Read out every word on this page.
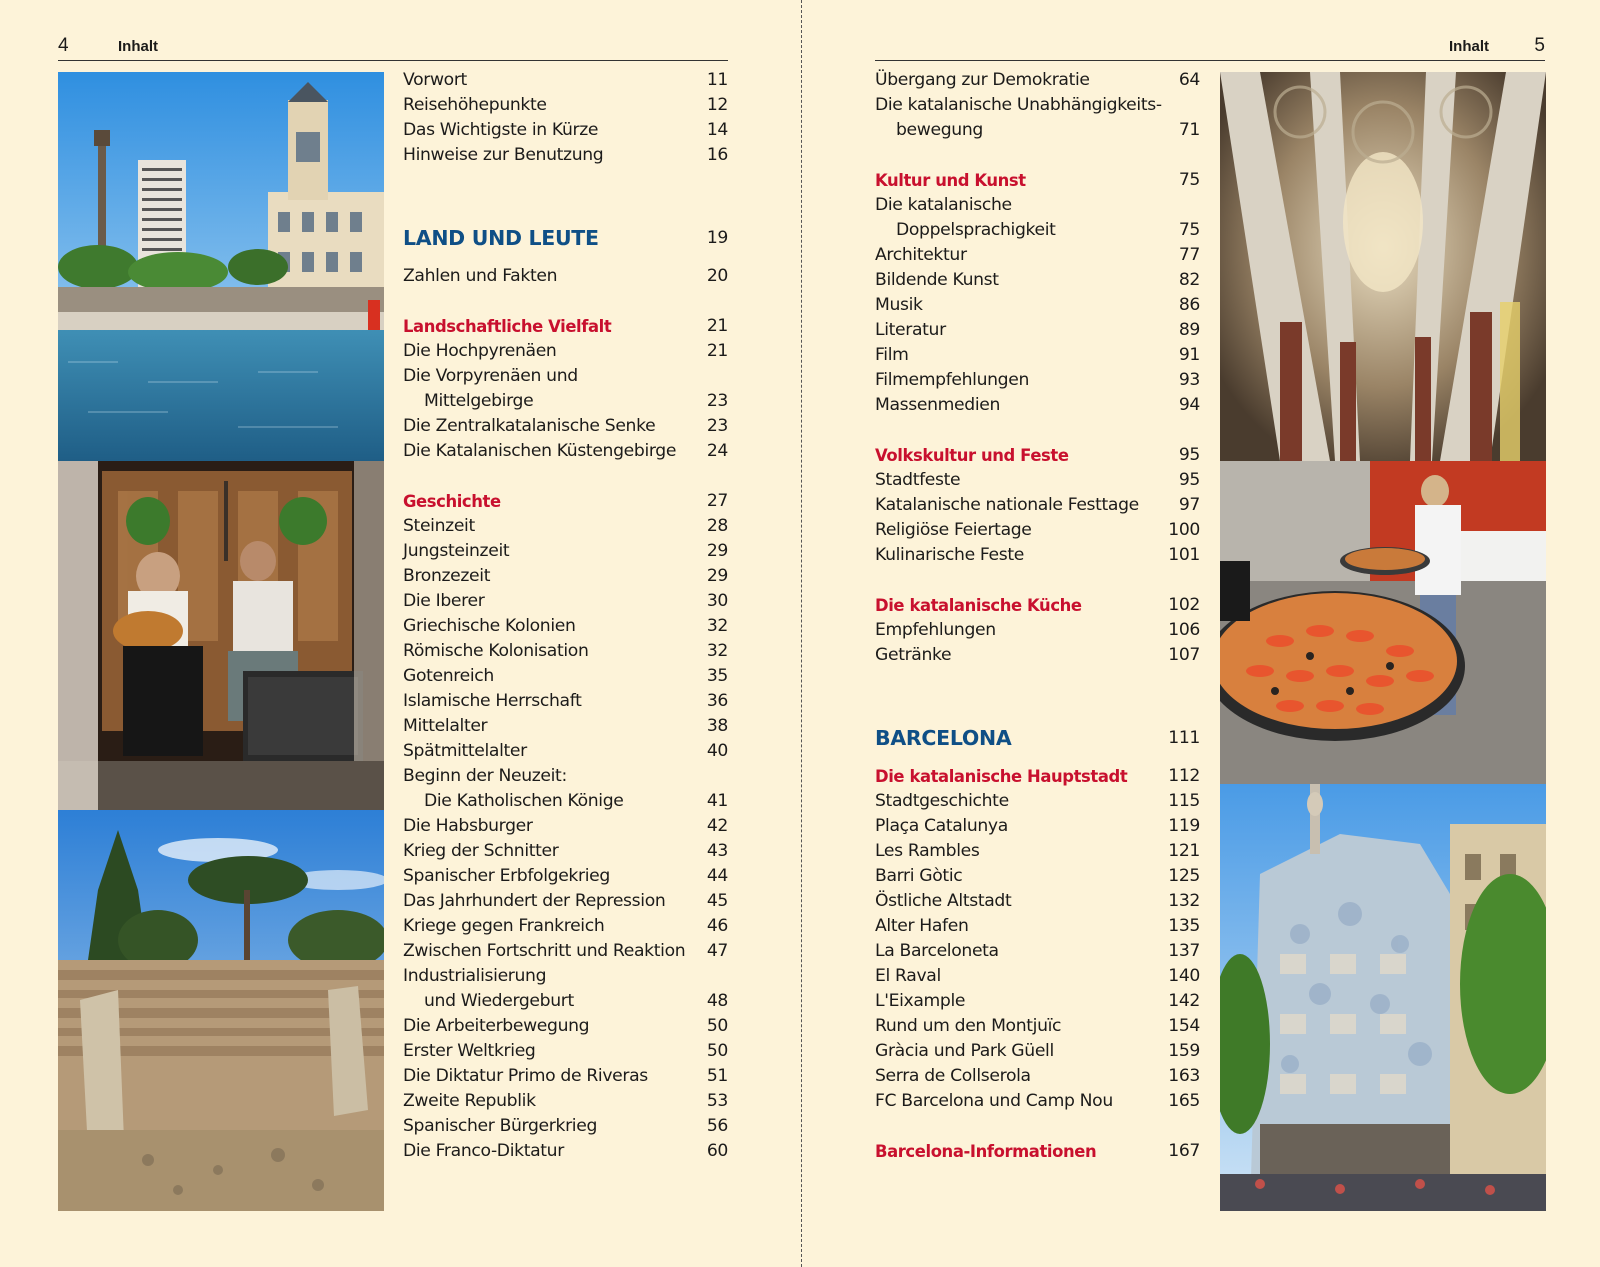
4	Inhalt
Vorwort	11
Reisehöhepunkte	12
Das Wichtigste in Kürze	14
Hinweise zur Benutzung	16
LAND UND LEUTE	19
Zahlen und Fakten	20
Landschaftliche Vielfalt	21
Die Hochpyrenäen	21
Die Vorpyrenäen und
Mittelgebirge	23
Die Zentralkatalanische Senke	23
Die Katalanischen Küstengebirge 24
Geschichte	27
Steinzeit	28
Jungsteinzeit	29
Bronzezeit	29
Die Iberer	30
Griechische Kolonien	32
Römische Kolonisation	32
Gotenreich	35
Islamische Herrschaft	36
Mittelalter	38
Spätmittelalter	40
Beginn der Neuzeit:
Die Katholischen Könige	41
Die Habsburger	42
Krieg der Schnitter	43
Spanischer Erbfolgekrieg	44
Das Jahrhundert der Repression 45
Kriege gegen Frankreich	46
Zwischen Fortschritt und Reaktion 47
Industrialisierung
und Wiedergeburt	48
Die Arbeiterbewegung	50
Erster Weltkrieg	50
Die Diktatur Primo de Riveras	51
Zweite Republik	53
Spanischer Bürgerkrieg	56
Die Franco-Diktatur	60
Inhalt 5
Übergang zur Demokratie	64
Die katalanische Unabhängigkeits-
bewegung	71
Kultur und Kunst	75
Die katalanische
Doppelsprachigkeit	75
Architektur	77
Bildende Kunst	82
Musik	86
Literatur	89
Film	91
Filmempfehlungen	93
Massenmedien	94
Volkskultur und Feste	95
Stadtfeste	95
Katalanische nationale Festtage 97
Religiöse Feiertage	100
Kulinarische Feste	101
Die katalanische Küche	102
Empfehlungen	106
Getränke	107
BARCELONA	111
Die katalanische Hauptstadt 112
Stadtgeschichte	115
Plaça Catalunya	119
Les Rambles	121
Barri Gòtic	125
Östliche Altstadt	132
Alter Hafen	135
La Barceloneta	137
El Raval	140
L'Eixample	142
Rund um den Montjuïc	154
Gràcia und Park Güell	159
Serra de Collserola	163
FC Barcelona und Camp Nou	165
Barcelona-Informationen	167
